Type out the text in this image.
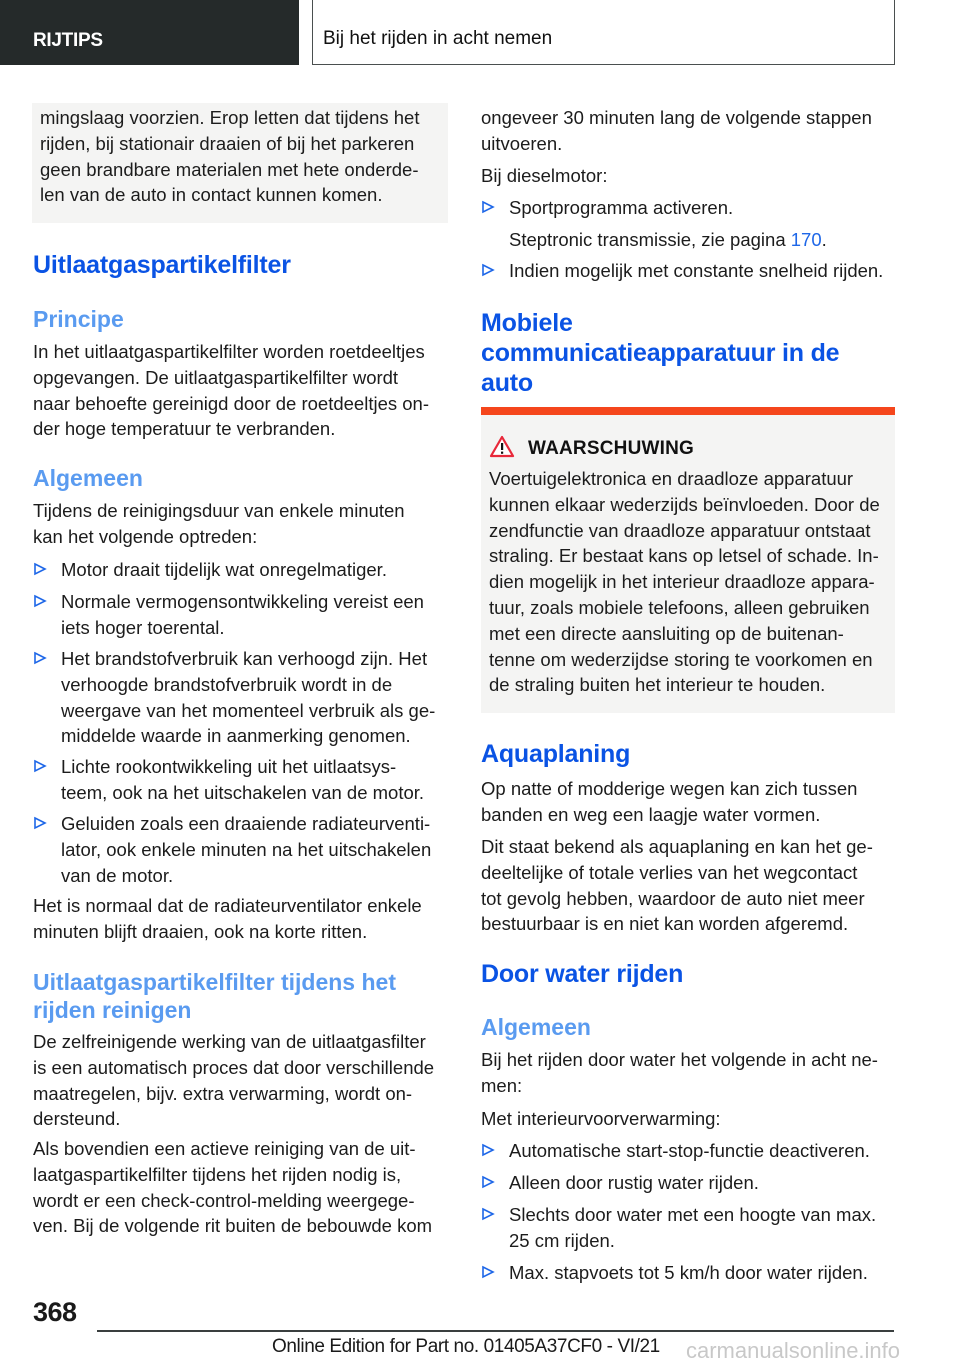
RIJTIPS	Bij het rijden in acht nemen
mingslaag voorzien. Erop letten dat tijdens het
rijden, bij stationair draaien of bij het parkeren
geen brandbare materialen met hete onderde-
len van de auto in contact kunnen komen.
Uitlaatgaspartikelfilter
Principe
In het uitlaatgaspartikelfilter worden roetdeeltjes
opgevangen. De uitlaatgaspartikelfilter wordt
naar behoefte gereinigd door de roetdeeltjes on-
der hoge temperatuur te verbranden.
Algemeen
Tijdens de reinigingsduur van enkele minuten
kan het volgende optreden:
Motor draait tijdelijk wat onregelmatiger.
Normale vermogensontwikkeling vereist een
iets hoger toerental.
Het brandstofverbruik kan verhoogd zijn. Het
verhoogde brandstofverbruik wordt in de
weergave van het momenteel verbruik als ge-
middelde waarde in aanmerking genomen.
Lichte rookontwikkeling uit het uitlaatsys-
teem, ook na het uitschakelen van de motor.
Geluiden zoals een draaiende radiateurventi-
lator, ook enkele minuten na het uitschakelen
van de motor.
Het is normaal dat de radiateurventilator enkele
minuten blijft draaien, ook na korte ritten.
Uitlaatgaspartikelfilter tijdens het
rijden reinigen
De zelfreinigende werking van de uitlaatgasfilter
is een automatisch proces dat door verschillende
maatregelen, bijv. extra verwarming, wordt on-
dersteund.
Als bovendien een actieve reiniging van de uit-
laatgaspartikelfilter tijdens het rijden nodig is,
wordt er een check-control-melding weergege-
ven. Bij de volgende rit buiten de bebouwde kom
ongeveer 30 minuten lang de volgende stappen
uitvoeren.
Bij dieselmotor:
Sportprogramma activeren.
Steptronic transmissie, zie pagina 170.
Indien mogelijk met constante snelheid rijden.
Mobiele
communicatieapparatuur in de
auto
WAARSCHUWING
Voertuigelektronica en draadloze apparatuur
kunnen elkaar wederzijds beïnvloeden. Door de
zendfunctie van draadloze apparatuur ontstaat
straling. Er bestaat kans op letsel of schade. In-
dien mogelijk in het interieur draadloze appara-
tuur, zoals mobiele telefoons, alleen gebruiken
met een directe aansluiting op de buitenan-
tenne om wederzijdse storing te voorkomen en
de straling buiten het interieur te houden.
Aquaplaning
Op natte of modderige wegen kan zich tussen
banden en weg een laagje water vormen.
Dit staat bekend als aquaplaning en kan het ge-
deeltelijke of totale verlies van het wegcontact
tot gevolg hebben, waardoor de auto niet meer
bestuurbaar is en niet kan worden afgeremd.
Door water rijden
Algemeen
Bij het rijden door water het volgende in acht ne-
men:
Met interieurvoorverwarming:
Automatische start-stop-functie deactiveren.
Alleen door rustig water rijden.
Slechts door water met een hoogte van max.
25 cm rijden.
Max. stapvoets tot 5 km/h door water rijden.
368
Online Edition for Part no. 01405A37CF0 - VI/21 carmanualsonline.info
